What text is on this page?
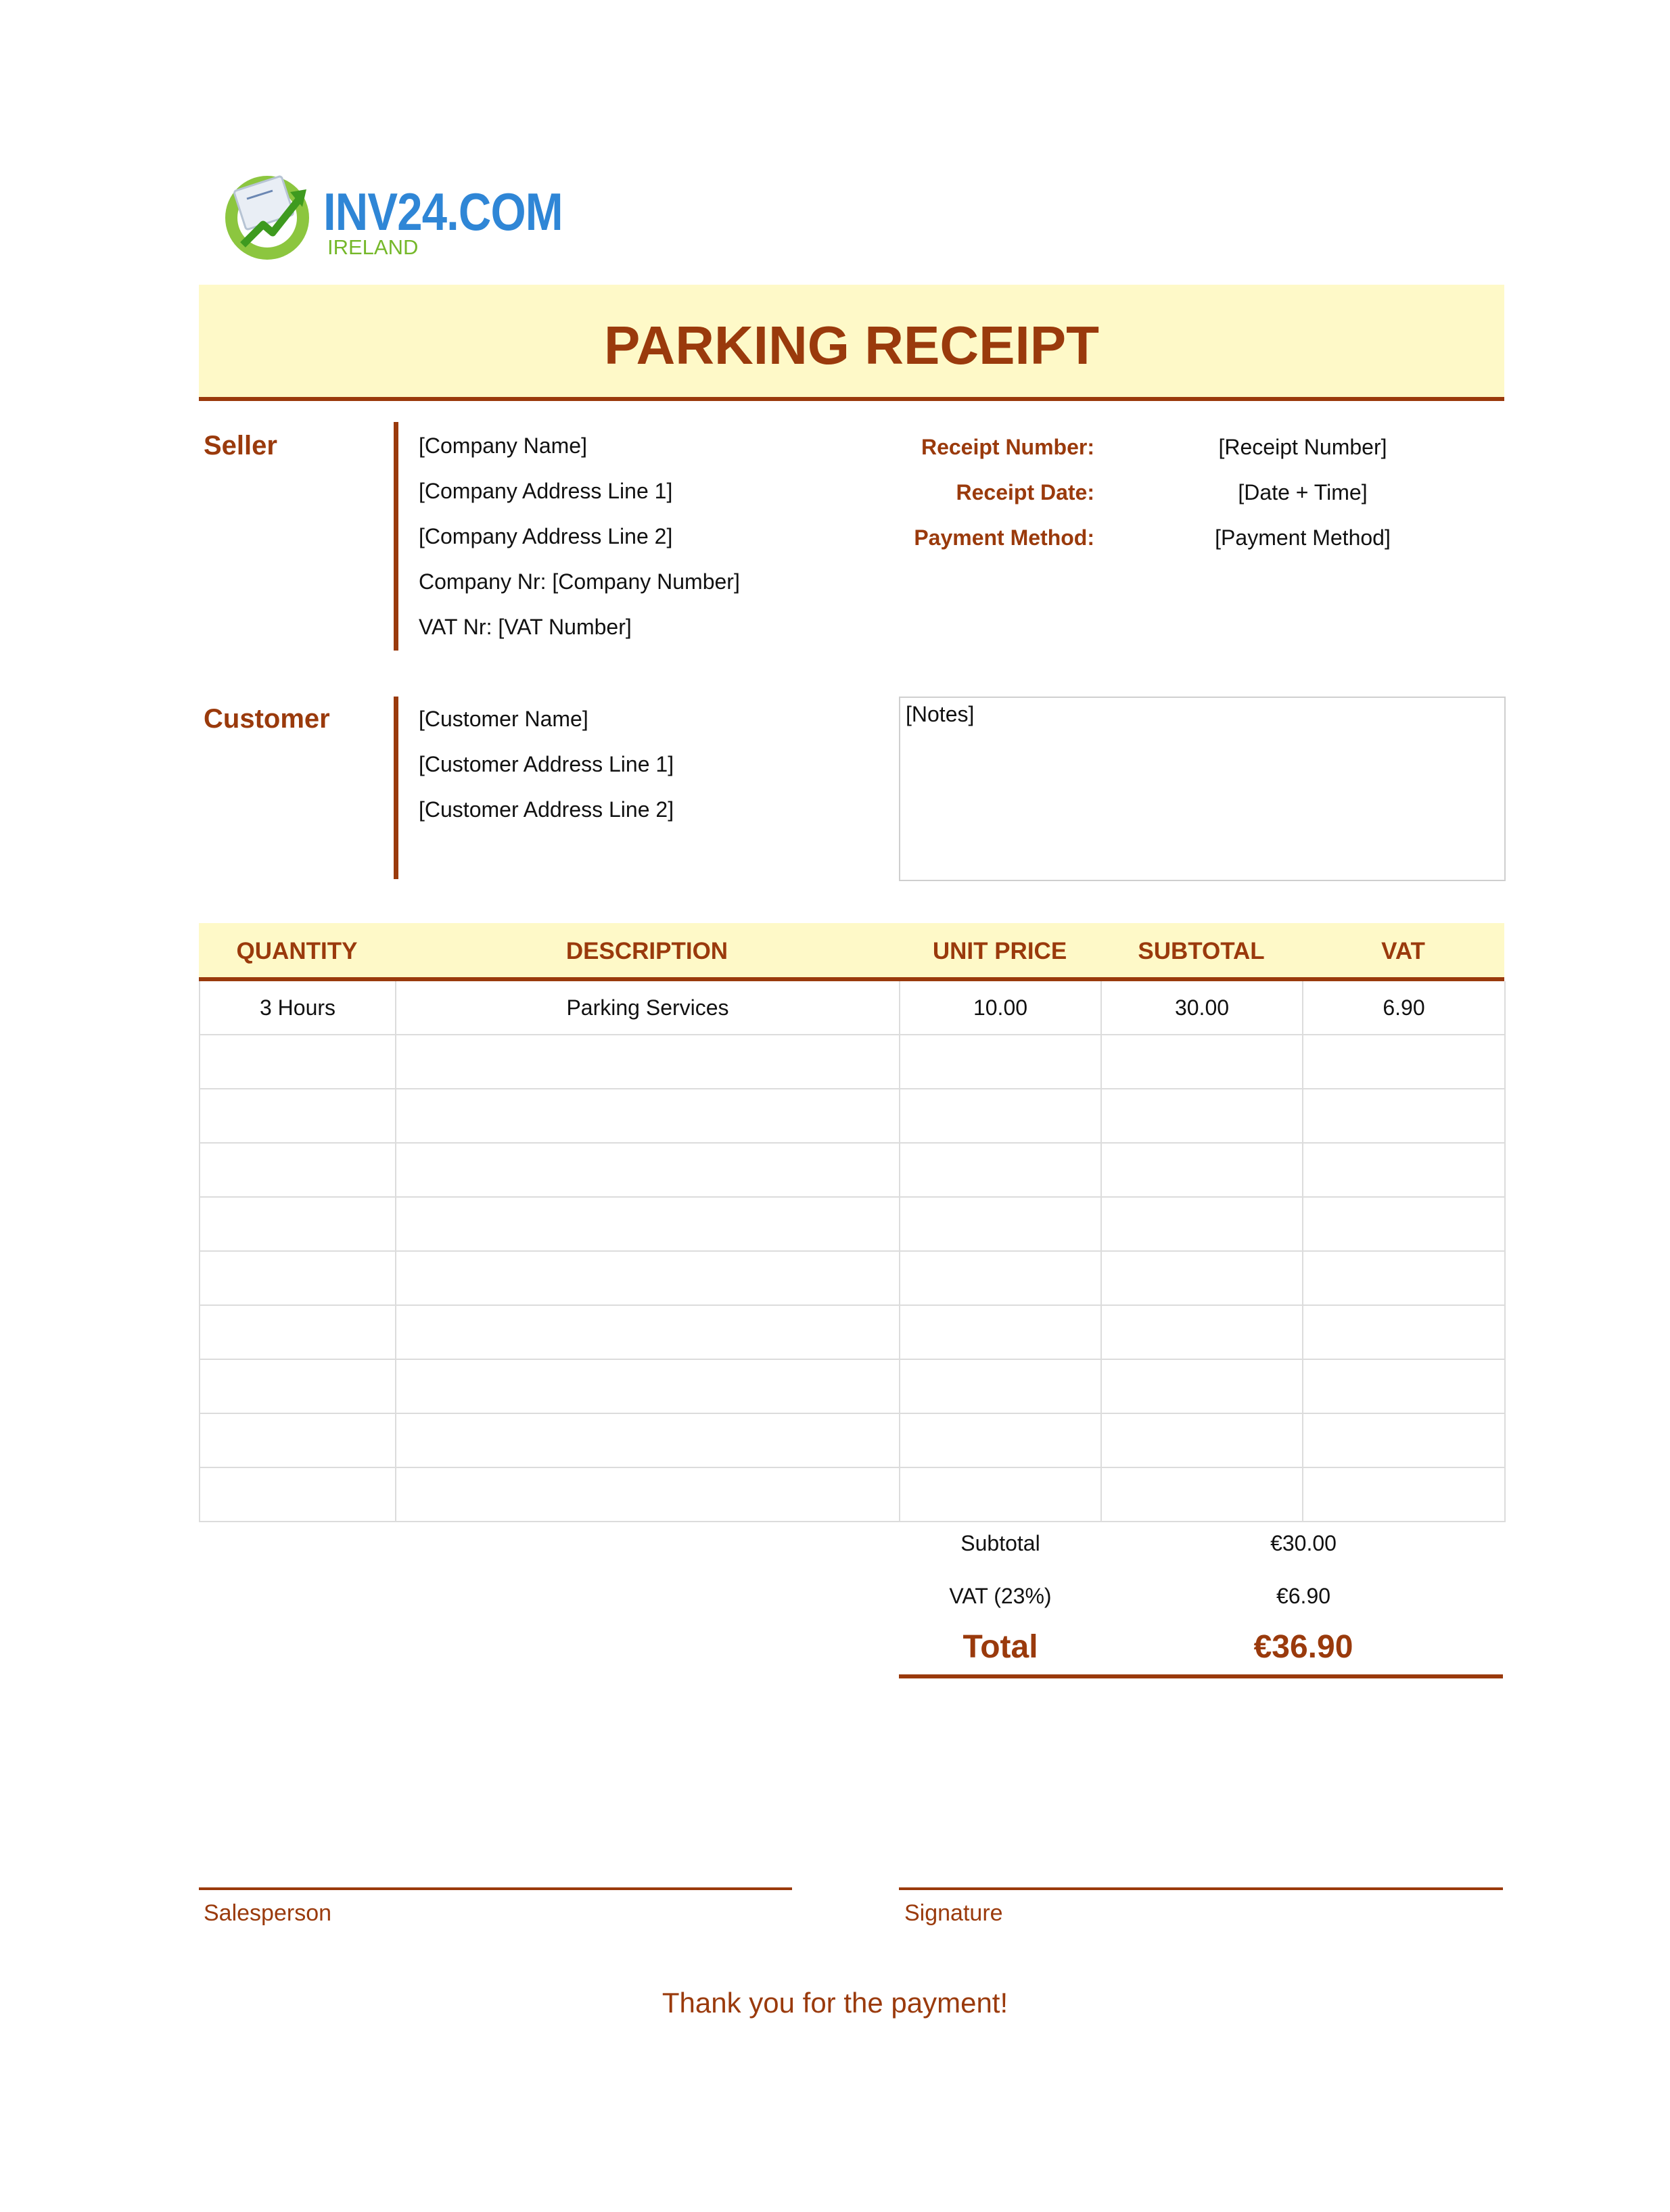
INV24.COM
IRELAND
PARKING RECEIPT
Seller	[Company Name]
[Company Address Line 1]
[Company Address Line 2]
Company Nr: [Company Number]
VAT Nr: [VAT Number]
Receipt Number:	[Receipt Number]
Receipt Date:	[Date + Time]
Payment Method:	[Payment Method]
Customer	[Customer Name]
[Customer Address Line 1]
[Customer Address Line 2]
[Notes]
QUANTITY	DESCRIPTION	UNIT PRICE	SUBTOTAL	VAT
3 Hours	Parking Services	10.00	30.00	6.90
Subtotal	€30.00
VAT (23%)	€6.90
Total	€36.90
Salesperson	Signature
Thank you for the payment!
